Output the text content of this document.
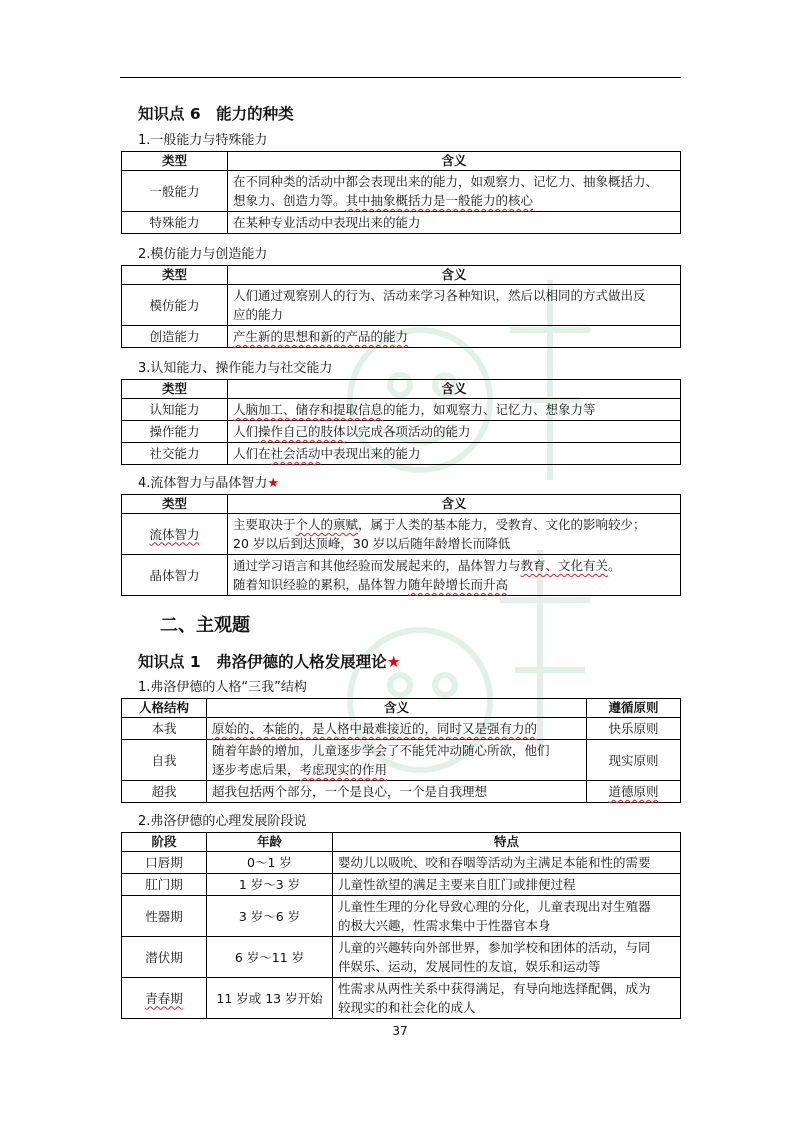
知识点 6　能力的种类

1.一般能力与特殊能力

类型	含义
一般能力	在不同种类的活动中都会表现出来的能力，如观察力、记忆力、抽象概括力、
想象力、创造力等。其中抽象概括力是一般能力的核心
特殊能力	在某种专业活动中表现出来的能力

2.模仿能力与创造能力

类型	含义
模仿能力	人们通过观察别人的行为、活动来学习各种知识，然后以相同的方式做出反
应的能力
创造能力	产生新的思想和新的产品的能力

3.认知能力、操作能力与社交能力

类型	含义
认知能力	人脑加工、储存和提取信息的能力，如观察力、记忆力、想象力等
操作能力	人们操作自己的肢体以完成各项活动的能力
社交能力	人们在社会活动中表现出来的能力

4.流体智力与晶体智力★

类型	含义
流体智力	主要取决于个人的禀赋，属于人类的基本能力，受教育、文化的影响较少；
20 岁以后到达顶峰，30 岁以后随年龄增长而降低
晶体智力	通过学习语言和其他经验而发展起来的，晶体智力与教育、文化有关。
随着知识经验的累积，晶体智力随年龄增长而升高
二、主观题
知识点 1　弗洛伊德的人格发展理论★

1.弗洛伊德的人格“三我”结构

人格结构	含义	遵循原则
本我	原始的、本能的，是人格中最难接近的，同时又是强有力的	快乐原则
自我	随着年龄的增加，儿童逐步学会了不能凭冲动随心所欲，他们
逐步考虑后果，考虑现实的作用	现实原则
超我	超我包括两个部分，一个是良心，一个是自我理想	道德原则

2.弗洛伊德的心理发展阶段说

阶段	年龄	特点
口唇期	0～1 岁	婴幼儿以吸吮、咬和吞咽等活动为主满足本能和性的需要
肛门期	1 岁～3 岁	儿童性欲望的满足主要来自肛门或排便过程
性器期	3 岁～6 岁	儿童性生理的分化导致心理的分化，儿童表现出对生殖器
的极大兴趣，性需求集中于性器官本身
潜伏期	6 岁～11 岁	儿童的兴趣转向外部世界，参加学校和团体的活动，与同
伴娱乐、运动，发展同性的友谊，娱乐和运动等
青春期	11 岁或 13 岁开始	性需求从两性关系中获得满足，有导向地选择配偶，成为
较现实的和社会化的成人

37
